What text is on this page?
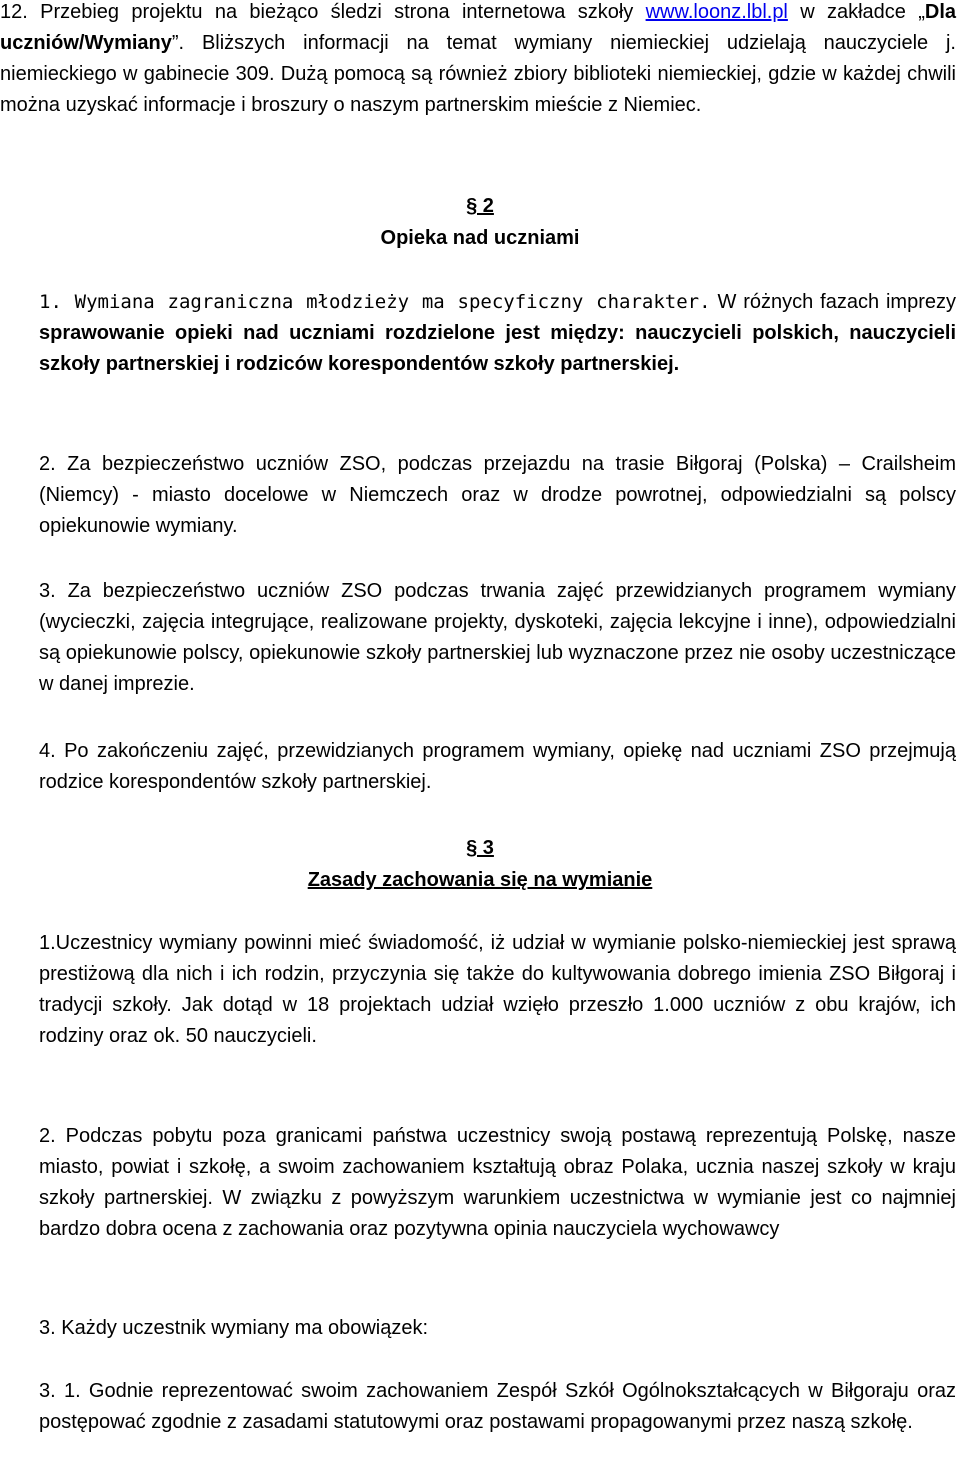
12. Przebieg projektu na bieżąco śledzi strona internetowa szkoły www.loonz.lbl.pl w zakładce „Dla uczniów/Wymiany”. Bliższych informacji na temat wymiany niemieckiej udzielają nauczyciele j. niemieckiego w gabinecie 309. Dużą pomocą są również zbiory biblioteki niemieckiej, gdzie w każdej chwili można uzyskać informacje i broszury o naszym partnerskim mieście z Niemiec.
§ 2
Opieka nad uczniami
1. Wymiana zagraniczna młodzieży ma specyficzny charakter. W różnych fazach imprezy sprawowanie opieki nad uczniami rozdzielone jest między: nauczycieli polskich, nauczycieli szkoły partnerskiej i rodziców korespondentów szkoły partnerskiej.
2. Za bezpieczeństwo uczniów ZSO, podczas przejazdu na trasie Biłgoraj (Polska) – Crailsheim (Niemcy) - miasto docelowe w Niemczech oraz w drodze powrotnej, odpowiedzialni są polscy opiekunowie wymiany.
3. Za bezpieczeństwo uczniów ZSO podczas trwania zajęć przewidzianych programem wymiany (wycieczki, zajęcia integrujące, realizowane projekty, dyskoteki, zajęcia lekcyjne i inne), odpowiedzialni są opiekunowie polscy, opiekunowie szkoły partnerskiej lub wyznaczone przez nie osoby uczestniczące w danej imprezie.
4. Po zakończeniu zajęć, przewidzianych programem wymiany, opiekę nad uczniami ZSO przejmują rodzice korespondentów szkoły partnerskiej.
§ 3
Zasady zachowania się na wymianie
1.Uczestnicy wymiany powinni mieć świadomość, iż udział w wymianie polsko-niemieckiej jest sprawą prestiżową dla nich i ich rodzin, przyczynia się także do kultywowania dobrego imienia ZSO Biłgoraj i tradycji szkoły. Jak dotąd w 18 projektach udział wzięło przeszło 1.000 uczniów z obu krajów, ich rodziny oraz ok. 50 nauczycieli.
2. Podczas pobytu poza granicami państwa uczestnicy swoją postawą reprezentują Polskę, nasze miasto, powiat i szkołę, a swoim zachowaniem kształtują obraz Polaka, ucznia naszej szkoły w kraju szkoły partnerskiej. W związku z powyższym warunkiem uczestnictwa w wymianie jest co najmniej bardzo dobra ocena z zachowania oraz pozytywna opinia nauczyciela wychowawcy
3. Każdy uczestnik wymiany ma obowiązek:
3. 1. Godnie reprezentować swoim zachowaniem Zespół Szkół Ogólnokształcących w Biłgoraju oraz postępować zgodnie z zasadami statutowymi oraz postawami propagowanymi przez naszą szkołę.
